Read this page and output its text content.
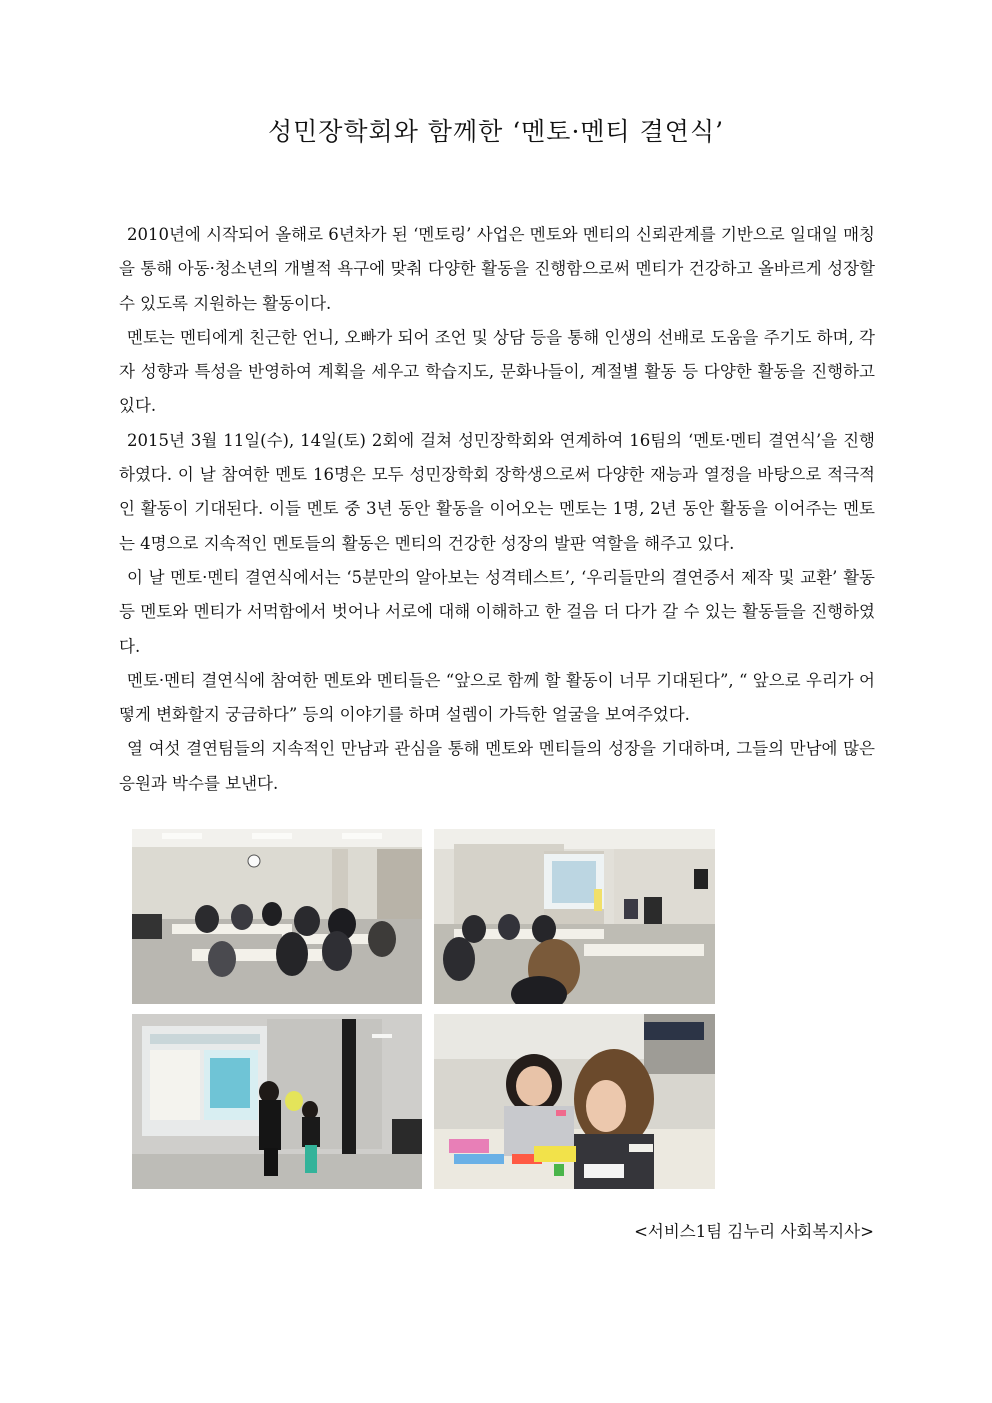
성민장학회와 함께한 ‘멘토·멘티 결연식’

2010년에 시작되어 올해로 6년차가 된 ‘멘토링’ 사업은 멘토와 멘티의 신뢰관계를 기반으로 일대일 매칭을 통해 아동·청소년의 개별적 욕구에 맞춰 다양한 활동을 진행함으로써 멘티가 건강하고 올바르게 성장할 수 있도록 지원하는 활동이다.

멘토는 멘티에게 친근한 언니, 오빠가 되어 조언 및 상담 등을 통해 인생의 선배로 도움을 주기도 하며, 각자 성향과 특성을 반영하여 계획을 세우고 학습지도, 문화나들이, 계절별 활동 등 다양한 활동을 진행하고 있다.

2015년 3월 11일(수), 14일(토) 2회에 걸쳐 성민장학회와 연계하여 16팀의 ‘멘토·멘티 결연식’을 진행하였다. 이 날 참여한 멘토 16명은 모두 성민장학회 장학생으로써 다양한 재능과 열정을 바탕으로 적극적인 활동이 기대된다. 이들 멘토 중 3년 동안 활동을 이어오는 멘토는 1명, 2년 동안 활동을 이어주는 멘토는 4명으로 지속적인 멘토들의 활동은 멘티의 건강한 성장의 발판 역할을 해주고 있다.

이 날 멘토·멘티 결연식에서는 ‘5분만의 알아보는 성격테스트’, ‘우리들만의 결연증서 제작 및 교환’ 활동 등 멘토와 멘티가 서먹함에서 벗어나 서로에 대해 이해하고 한 걸음 더 다가 갈 수 있는 활동들을 진행하였다.

멘토·멘티 결연식에 참여한 멘토와 멘티들은 “앞으로 함께 할 활동이 너무 기대된다”, “ 앞으로 우리가 어떻게 변화할지 궁금하다” 등의 이야기를 하며 설렘이 가득한 얼굴을 보여주었다.

열 여섯 결연팀들의 지속적인 만남과 관심을 통해 멘토와 멘티들의 성장을 기대하며, 그들의 만남에 많은 응원과 박수를 보낸다.

<서비스1팀 김누리 사회복지사>
